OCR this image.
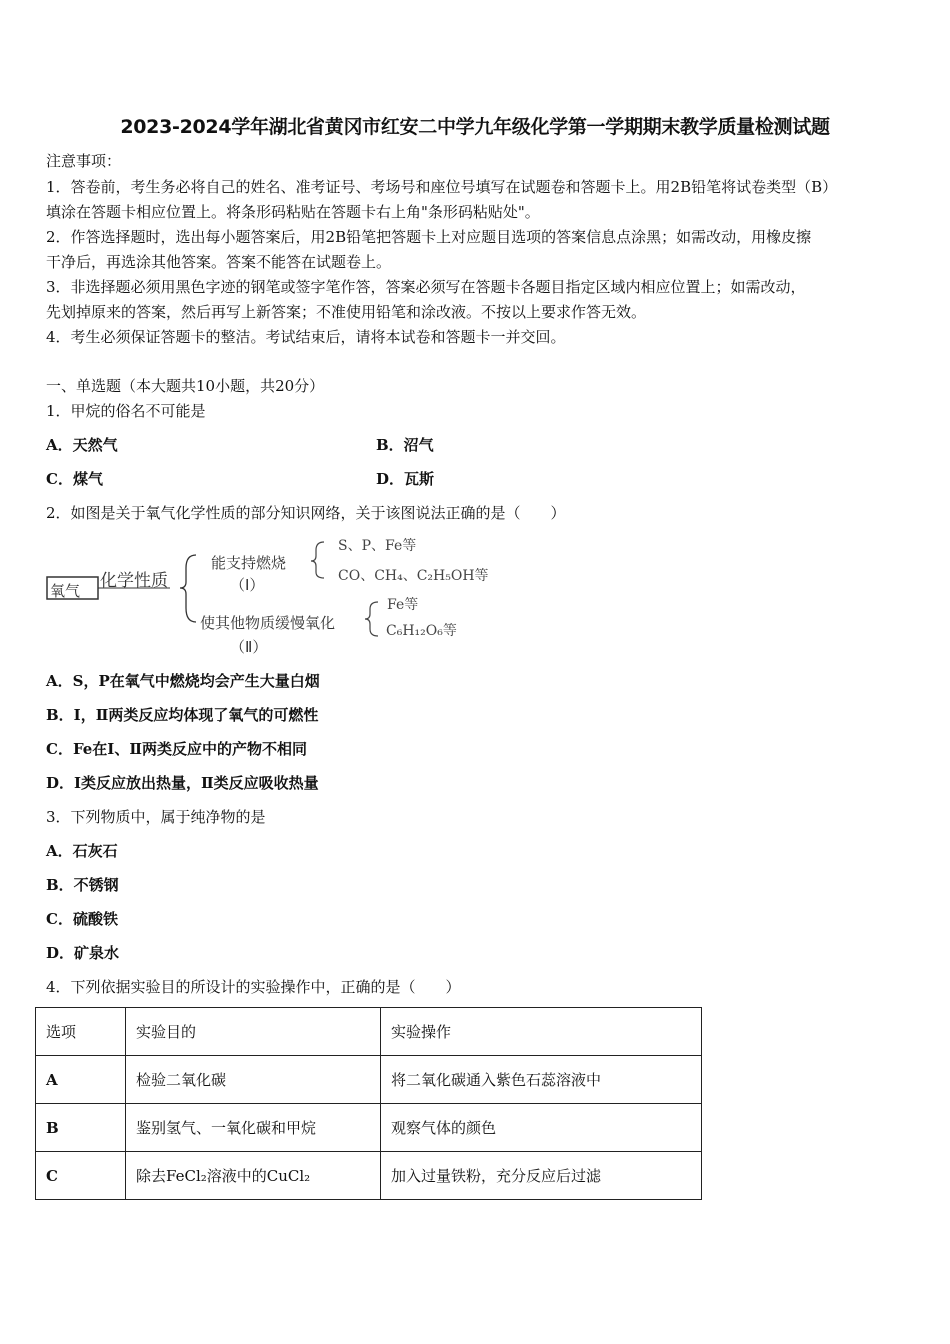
2023-2024学年湖北省黄冈市红安二中学九年级化学第一学期期末教学质量检测试题
注意事项：
1．答卷前，考生务必将自己的姓名、准考证号、考场号和座位号填写在试题卷和答题卡上。用2B铅笔将试卷类型（B）
填涂在答题卡相应位置上。将条形码粘贴在答题卡右上角"条形码粘贴处"。
2．作答选择题时，选出每小题答案后，用2B铅笔把答题卡上对应题目选项的答案信息点涂黑；如需改动，用橡皮擦
干净后，再选涂其他答案。答案不能答在试题卷上。
3．非选择题必须用黑色字迹的钢笔或签字笔作答，答案必须写在答题卡各题目指定区域内相应位置上；如需改动，
先划掉原来的答案，然后再写上新答案；不准使用铅笔和涂改液。不按以上要求作答无效。
4．考生必须保证答题卡的整洁。考试结束后，请将本试卷和答题卡一并交回。
一、单选题（本大题共10小题，共20分）
1．甲烷的俗名不可能是
A．天然气	B．沼气
C．煤气	D．瓦斯
2．如图是关于氧气化学性质的部分知识网络，关于该图说法正确的是（　　）
氧气 化学性质
能支持燃烧
（Ⅰ）
S、P、Fe等
CO、CH₄、C₂H₅OH等
使其他物质缓慢氧化
（Ⅱ）
Fe等
C₆H₁₂O₆等
A．S，P在氧气中燃烧均会产生大量白烟
B．Ⅰ，Ⅱ两类反应均体现了氧气的可燃性
C．Fe在Ⅰ、Ⅱ两类反应中的产物不相同
D．Ⅰ类反应放出热量，Ⅱ类反应吸收热量
3．下列物质中，属于纯净物的是
A．石灰石
B．不锈钢
C．硫酸铁
D．矿泉水
4．下列依据实验目的所设计的实验操作中，正确的是（　　）
选项	实验目的	实验操作
A	检验二氧化碳	将二氧化碳通入紫色石蕊溶液中
B	鉴别氢气、一氧化碳和甲烷	观察气体的颜色
C	除去FeCl₂溶液中的CuCl₂	加入过量铁粉，充分反应后过滤
